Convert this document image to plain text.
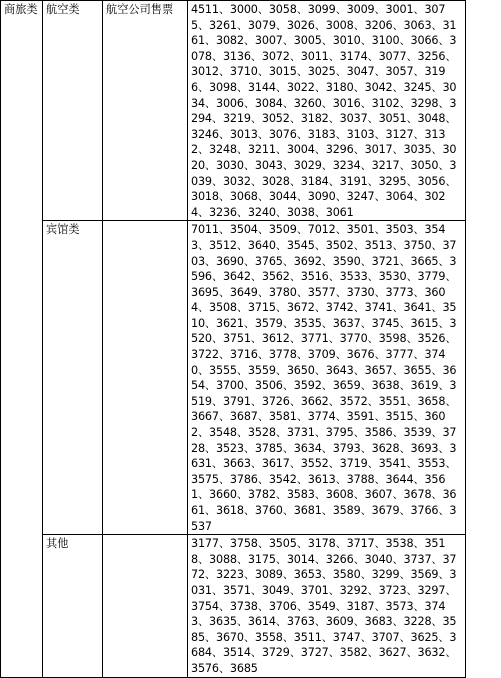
商旅类	航空类	航空公司售票	4511、3000、3058、3099、3009、3001、3075、3261、3079、3026、3008、3206、3063、3161、3082、3007、3005、3010、3100、3066、3078、3136、3072、3011、3174、3077、3256、3012、3710、3015、3025、3047、3057、3196、3098、3144、3022、3180、3042、3245、3034、3006、3084、3260、3016、3102、3298、3294、3219、3052、3182、3037、3051、3048、3246、3013、3076、3183、3103、3127、3132、3248、3211、3004、3296、3017、3035、3020、3030、3043、3029、3234、3217、3050、3039、3032、3028、3184、3191、3295、3056、3018、3068、3044、3090、3247、3064、3024、3236、3240、3038、3061
	宾馆类		7011、3504、3509、7012、3501、3503、3543、3512、3640、3545、3502、3513、3750、3703、3690、3765、3692、3590、3721、3665、3596、3642、3562、3516、3533、3530、3779、3695、3649、3780、3577、3730、3773、3604、3508、3715、3672、3742、3741、3641、3510、3621、3579、3535、3637、3745、3615、3520、3751、3612、3771、3770、3598、3526、3722、3716、3778、3709、3676、3777、3740、3555、3559、3650、3643、3657、3655、3654、3700、3506、3592、3659、3638、3619、3519、3791、3726、3662、3572、3551、3658、3667、3687、3581、3774、3591、3515、3602、3548、3528、3731、3795、3586、3539、3728、3523、3785、3634、3793、3628、3693、3631、3663、3617、3552、3719、3541、3553、3575、3786、3542、3613、3788、3644、3561、3660、3782、3583、3608、3607、3678、3661、3618、3760、3681、3589、3679、3766、3537
	其他		3177、3758、3505、3178、3717、3538、3518、3088、3175、3014、3266、3040、3737、3772、3223、3089、3653、3580、3299、3569、3031、3571、3049、3701、3292、3723、3297、3754、3738、3706、3549、3187、3573、3743、3635、3614、3763、3609、3683、3228、3585、3670、3558、3511、3747、3707、3625、3684、3514、3729、3727、3582、3627、3632、3576、3685
